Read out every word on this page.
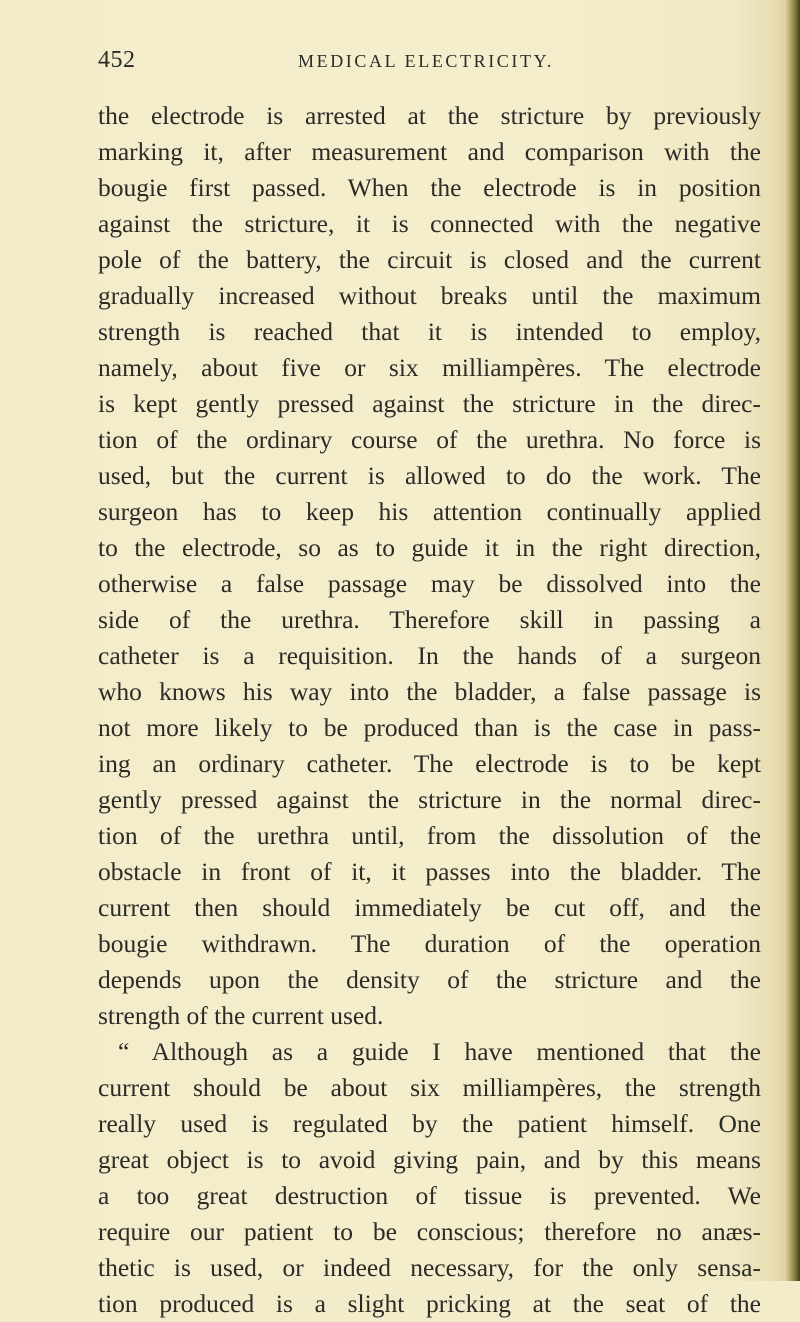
452	MEDICAL ELECTRICITY.
the electrode is arrested at the stricture by previously
marking it, after measurement and comparison with the
bougie first passed. When the electrode is in position
against the stricture, it is connected with the negative
pole of the battery, the circuit is closed and the current
gradually increased without breaks until the maximum
strength is reached that it is intended to employ,
namely, about five or six milliampères. The electrode
is kept gently pressed against the stricture in the direc-
tion of the ordinary course of the urethra. No force is
used, but the current is allowed to do the work. The
surgeon has to keep his attention continually applied
to the electrode, so as to guide it in the right direction,
otherwise a false passage may be dissolved into the
side of the urethra. Therefore skill in passing a
catheter is a requisition. In the hands of a surgeon
who knows his way into the bladder, a false passage is
not more likely to be produced than is the case in pass-
ing an ordinary catheter. The electrode is to be kept
gently pressed against the stricture in the normal direc-
tion of the urethra until, from the dissolution of the
obstacle in front of it, it passes into the bladder. The
current then should immediately be cut off, and the
bougie withdrawn. The duration of the operation
depends upon the density of the stricture and the
strength of the current used.
“ Although as a guide I have mentioned that the
current should be about six milliampères, the strength
really used is regulated by the patient himself. One
great object is to avoid giving pain, and by this means
a too great destruction of tissue is prevented. We
require our patient to be conscious; therefore no anæs-
thetic is used, or indeed necessary, for the only sensa-
tion produced is a slight pricking at the seat of the
